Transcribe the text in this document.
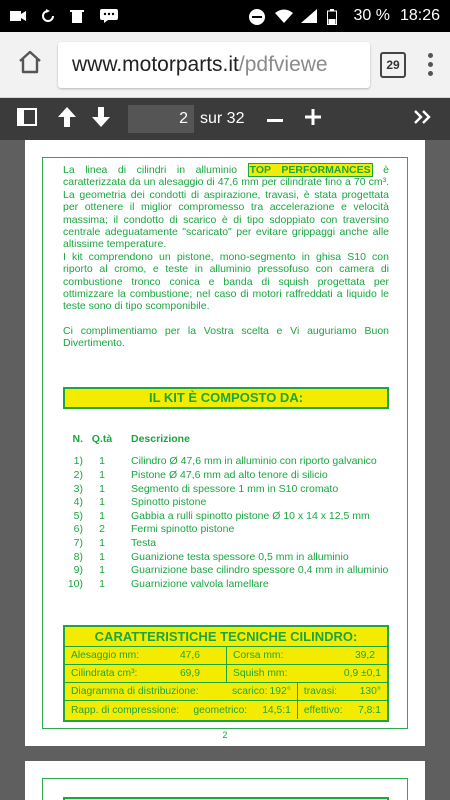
30 % 18:26
www.motorparts.it /pdfviewe	29
2
sur 32

La linea di cilindri in alluminio TOP PERFORMANCES è caratterizzata da un alesaggio di 47,6 mm per cilindrate fino a 70 cm³. La geometria dei condotti di aspirazione, travasi, è stata progettata per ottenere il miglior compromesso tra accelerazione e velocità massima; il condotto di scarico è di tipo sdoppiato con traversino centrale adeguatamente "scaricato" per evitare grippaggi anche alle altissime temperature.
I kit comprendono un pistone, mono-segmento in ghisa S10 con riporto al cromo, e teste in alluminio pressofuso con camera di combustione tronco conica e banda di squish progettata per ottimizzare la combustione; nel caso di motori raffreddati a liquido le teste sono di tipo scomponibile.

Ci complimentiamo per la Vostra scelta e Vi auguriamo Buon Divertimento.

IL KIT È COMPOSTO DA:
N. Q.tà	Descrizione
1)	1	Cilindro Ø 47,6 mm in alluminio con riporto galvanico
2)	1	Pistone Ø 47,6 mm ad alto tenore di silicio
3)	1	Segmento di spessore 1 mm in S10 cromato
4)	1	Spinotto pistone
5)	1	Gabbia a rulli spinotto pistone Ø 10 x 14 x 12,5 mm
6)	2	Fermi spinotto pistone
7)	1	Testa
8)	1	Guanizione testa spessore 0,5 mm in alluminio
9)	1	Guarnizione base cilindro spessore 0,4 mm in alluminio
10)	1	Guarnizione valvola lamellare
CARATTERISTICHE TECNICHE CILINDRO:
Alesaggio mm:	47,6	Corsa mm:	39,2
Cilindrata cm³:	69,9	Squish mm:	0,9 ±0,1
Diagramma di distribuzione:	scarico: 192° travasi: 130°
Rapp. di compressione: geometrico: 14,5:1 effettivo: 7,8:1
2
